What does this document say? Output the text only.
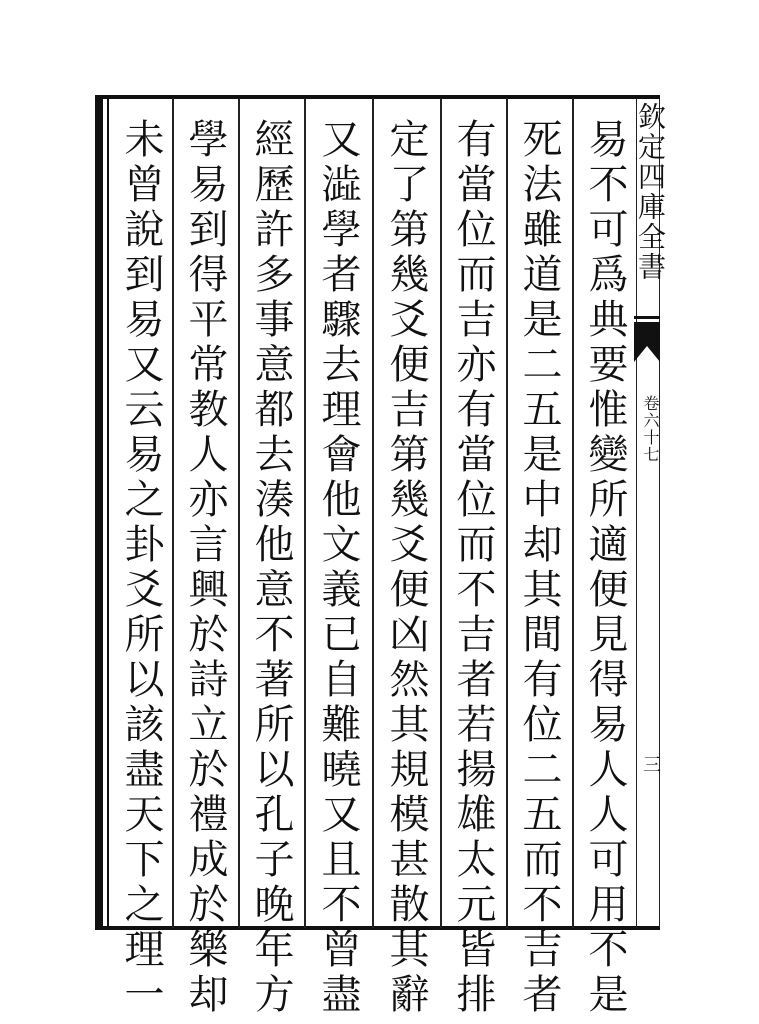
易不可爲典要惟變所適便見得易人人可用不是
死法雖道是二五是中却其間有位二五而不吉者
有當位而吉亦有當位而不吉者若揚雄太元皆排
定了第幾爻便吉第幾爻便凶然其規模甚散其辭
又澁學者驟去理會他文義已自難曉又且不曾盡
經歷許多事意都去湊他意不著所以孔子晚年方
學易到得平常教人亦言興於詩立於禮成於樂却
未曾說到易又云易之卦爻所以該盡天下之理一	欽定四庫全書
卷六十七
三
